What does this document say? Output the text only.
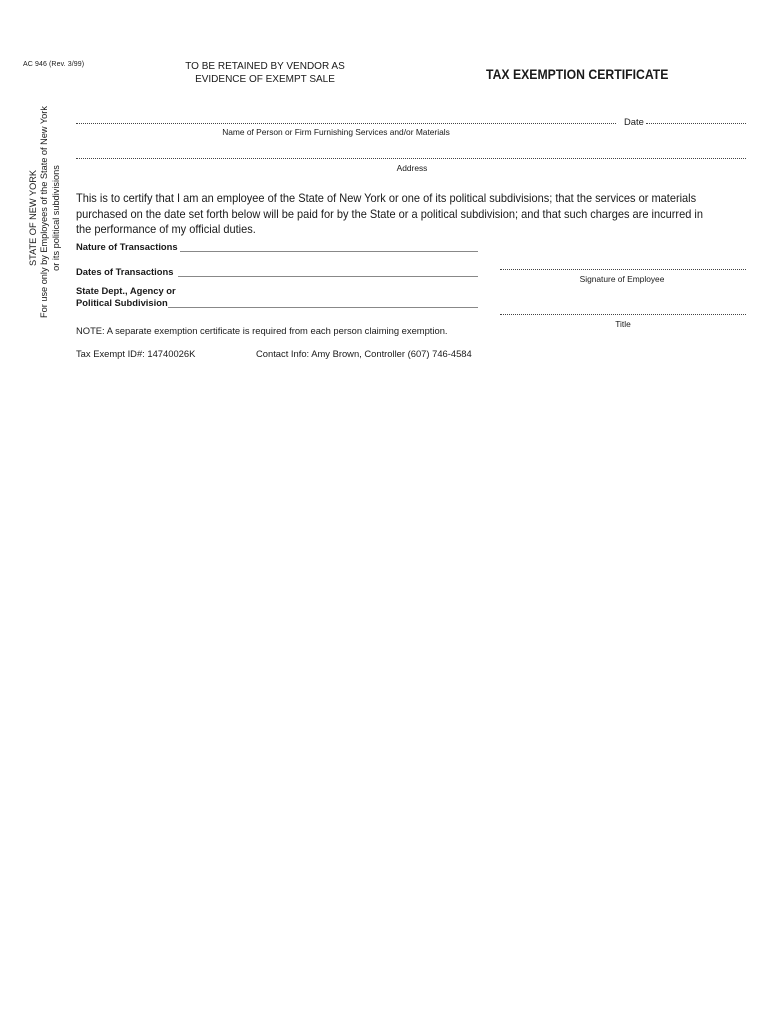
AC 946 (Rev. 3/99)	TO BE RETAINED BY VENDOR AS
EVIDENCE OF EXEMPT SALE	TAX EXEMPTION CERTIFICATE
STATE OF NEW YORK For use only by Employees of the State of New York or its political subdivisions
Date
Name of Person or Firm Furnishing Services and/or Materials
Address
This is to certify that I am an employee of the State of New York or one of its political subdivisions; that the services or materials purchased on the date set forth below will be paid for by the State or a political subdivision; and that such charges are incurred in the performance of my official duties.
Nature of Transactions
Dates of Transactions
Signature of Employee
State Dept., Agency or
Political Subdivision
Title
NOTE: A separate exemption certificate is required from each person claiming exemption.
Tax Exempt ID#: 14740026K	Contact Info: Amy Brown, Controller (607) 746-4584
